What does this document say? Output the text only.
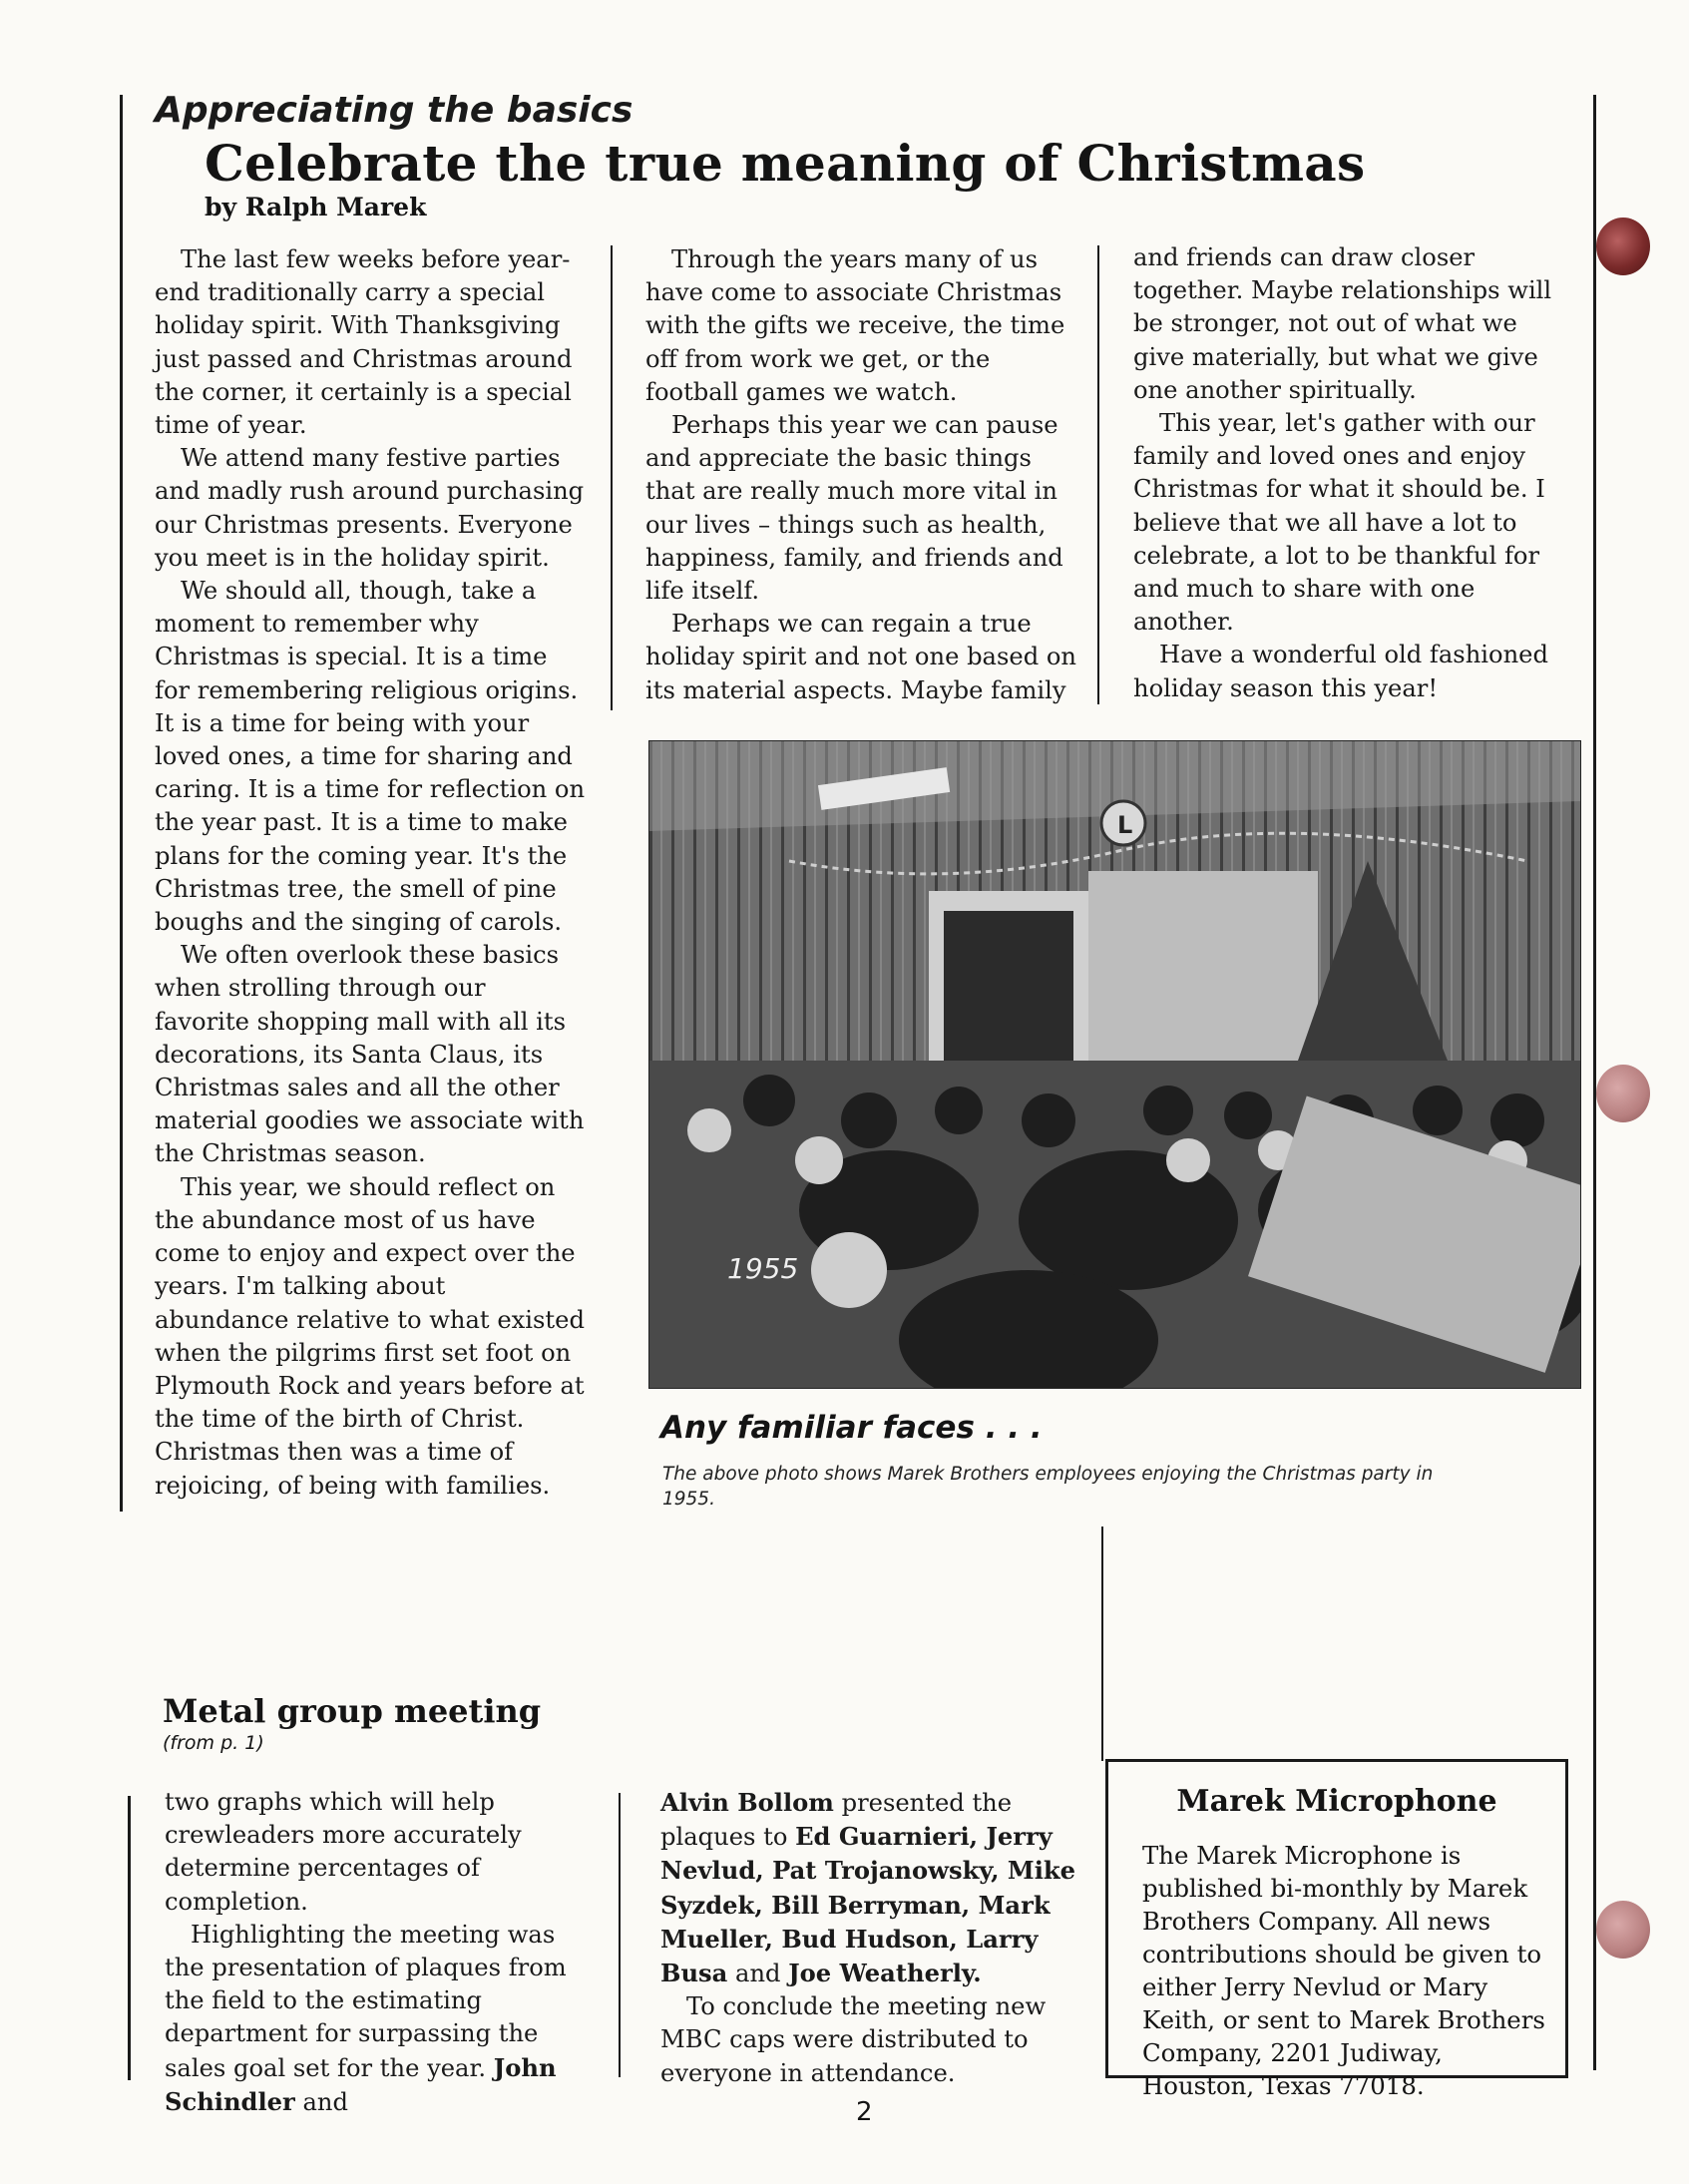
Appreciating the basics
Celebrate the true meaning of Christmas
by Ralph Marek

The last few weeks before year-end traditionally carry a special holiday spirit. With Thanksgiving just passed and Christmas around the corner, it certainly is a special time of year.

We attend many festive parties and madly rush around purchasing our Christmas presents. Everyone you meet is in the holiday spirit.

We should all, though, take a moment to remember why Christmas is special. It is a time for remembering religious origins. It is a time for being with your loved ones, a time for sharing and caring. It is a time for reflection on the year past. It is a time to make plans for the coming year. It's the Christmas tree, the smell of pine boughs and the singing of carols.

We often overlook these basics when strolling through our favorite shopping mall with all its decorations, its Santa Claus, its Christmas sales and all the other material goodies we associate with the Christmas season.

This year, we should reflect on the abundance most of us have come to enjoy and expect over the years. I'm talking about abundance relative to what existed when the pilgrims first set foot on Plymouth Rock and years before at the time of the birth of Christ. Christmas then was a time of rejoicing, of being with families.

Through the years many of us have come to associate Christmas with the gifts we receive, the time off from work we get, or the football games we watch.

Perhaps this year we can pause and appreciate the basic things that are really much more vital in our lives – things such as health, happiness, family, and friends and life itself.

Perhaps we can regain a true holiday spirit and not one based on its material aspects. Maybe family

and friends can draw closer together. Maybe relationships will be stronger, not out of what we give materially, but what we give one another spiritually.

This year, let's gather with our family and loved ones and enjoy Christmas for what it should be. I believe that we all have a lot to celebrate, a lot to be thankful for and much to share with one another.

Have a wonderful old fashioned holiday season this year!

L
1955
Any familiar faces . . .
The above photo shows Marek Brothers employees enjoying the Christmas party in 1955.
Metal group meeting
(from p. 1)

two graphs which will help crewleaders more accurately determine percentages of completion.

Highlighting the meeting was the presentation of plaques from the field to the estimating department for surpassing the sales goal set for the year. John Schindler and

Alvin Bollom presented the plaques to Ed Guarnieri, Jerry Nevlud, Pat Trojanowsky, Mike Syzdek, Bill Berryman, Mark Mueller, Bud Hudson, Larry Busa and Joe Weatherly.

To conclude the meeting new MBC caps were distributed to everyone in attendance.

Marek Microphone
The Marek Microphone is published bi-monthly by Marek Brothers Company. All news contributions should be given to either Jerry Nevlud or Mary Keith, or sent to Marek Brothers Company, 2201 Judiway, Houston, Texas 77018.
2
